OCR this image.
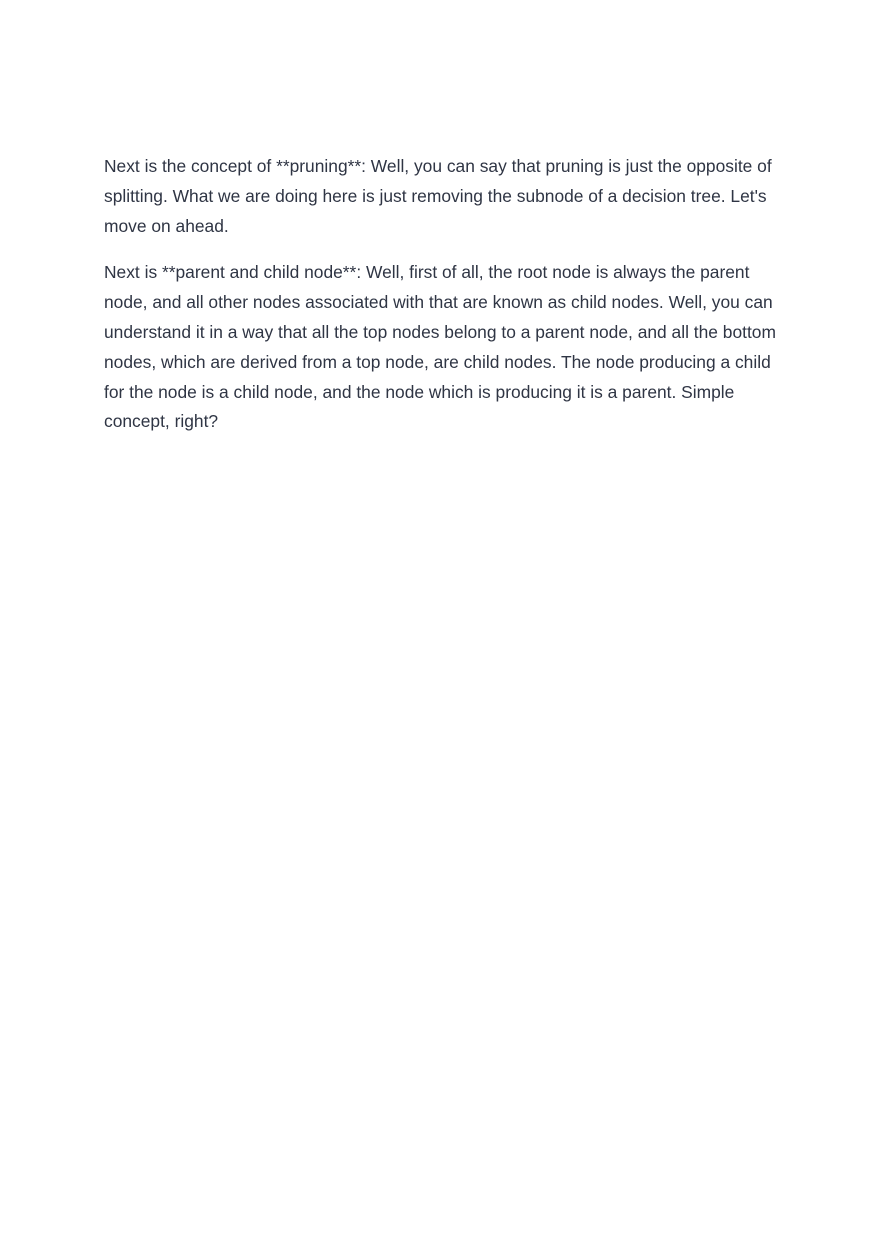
Next is the concept of **pruning**: Well, you can say that pruning is just the opposite of splitting. What we are doing here is just removing the subnode of a decision tree. Let's move on ahead.

Next is **parent and child node**: Well, first of all, the root node is always the parent node, and all other nodes associated with that are known as child nodes. Well, you can understand it in a way that all the top nodes belong to a parent node, and all the bottom nodes, which are derived from a top node, are child nodes. The node producing a child for the node is a child node, and the node which is producing it is a parent. Simple concept, right?
